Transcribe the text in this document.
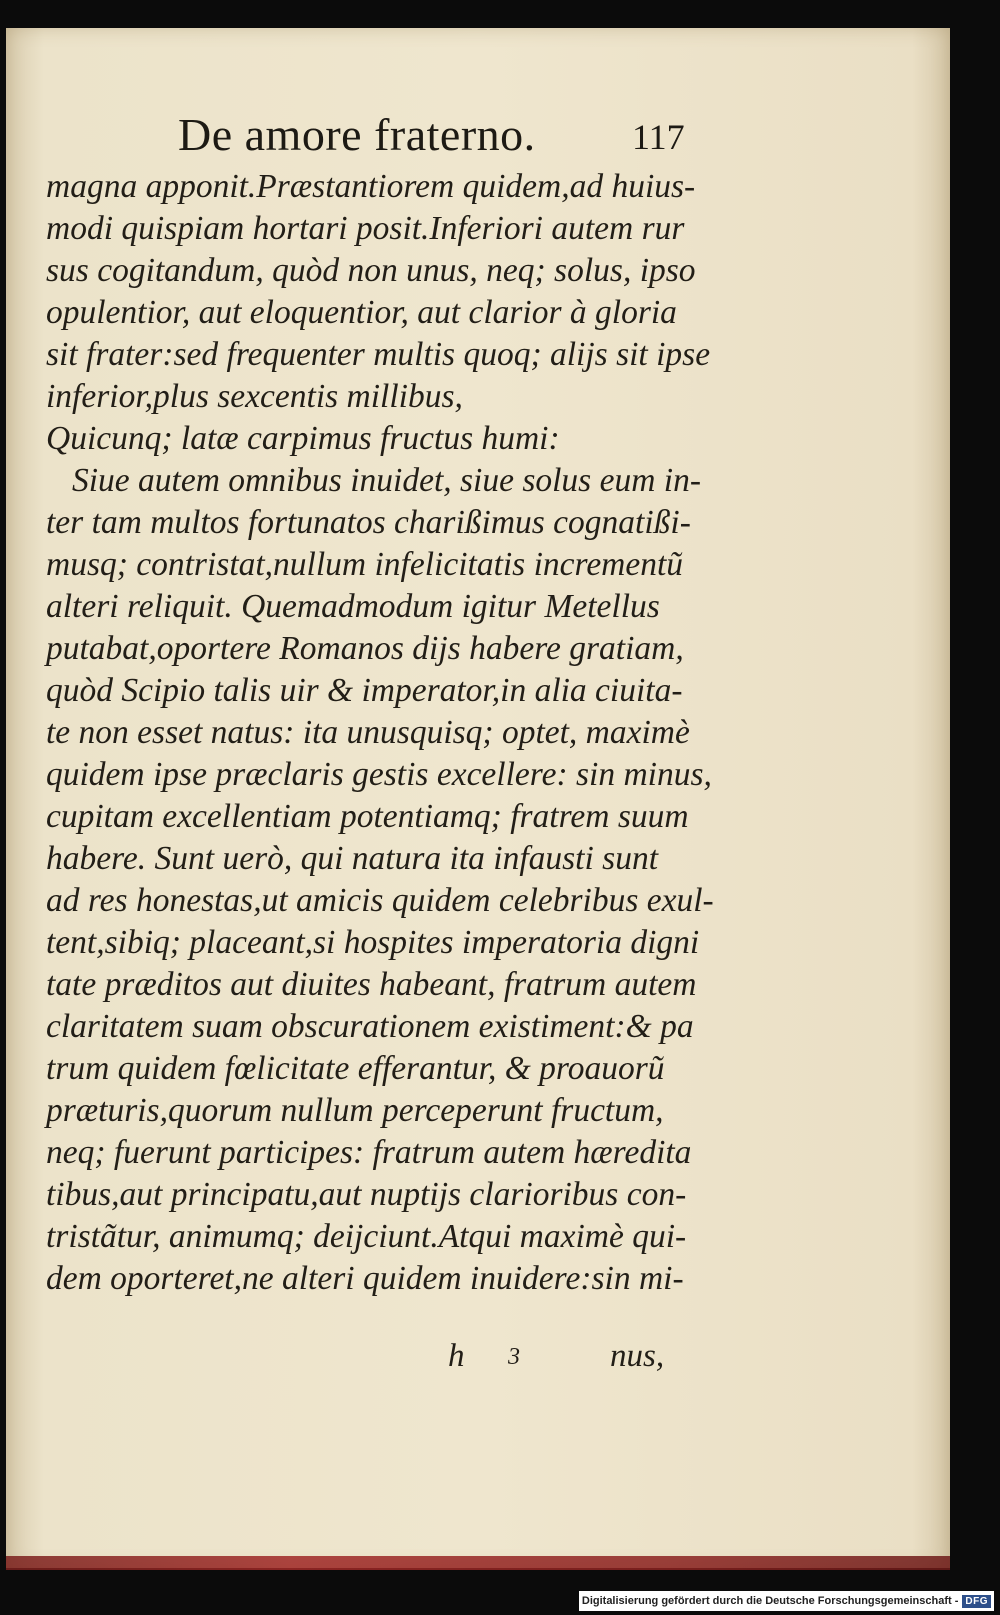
De amore fraterno.	117
magna apponit.Præstantiorem quidem,ad huius-
modi quispiam hortari posit.Inferiori autem rur
sus cogitandum, quòd non unus, neq; solus, ipso
opulentior, aut eloquentior, aut clarior à gloria
sit frater:sed frequenter multis quoq; alijs sit ipse
inferior,plus sexcentis millibus,
Quicunq; latæ carpimus fructus humi:
Siue autem omnibus inuidet, siue solus eum in-
ter tam multos fortunatos charißimus cognatißi-
musq; contristat,nullum infelicitatis incrementũ
alteri reliquit. Quemadmodum igitur Metellus
putabat,oportere Romanos dijs habere gratiam,
quòd Scipio talis uir & imperator,in alia ciuita-
te non esset natus: ita unusquisq; optet, maximè
quidem ipse præclaris gestis excellere: sin minus,
cupitam excellentiam potentiamq; fratrem suum
habere. Sunt uerò, qui natura ita infausti sunt
ad res honestas,ut amicis quidem celebribus exul-
tent,sibiq; placeant,si hospites imperatoria digni
tate præditos aut diuites habeant, fratrum autem
claritatem suam obscurationem existiment:& pa
trum quidem fœlicitate efferantur, & proauorũ
præturis,quorum nullum perceperunt fructum,
neq; fuerunt participes: fratrum autem hæredita
tibus,aut principatu,aut nuptijs clarioribus con-
tristãtur, animumq; deijciunt.Atqui maximè qui-
dem oporteret,ne alteri quidem inuidere:sin mi-
h 3	nus,
Digitalisierung gefördert durch die Deutsche Forschungsgemeinschaft - DFG
